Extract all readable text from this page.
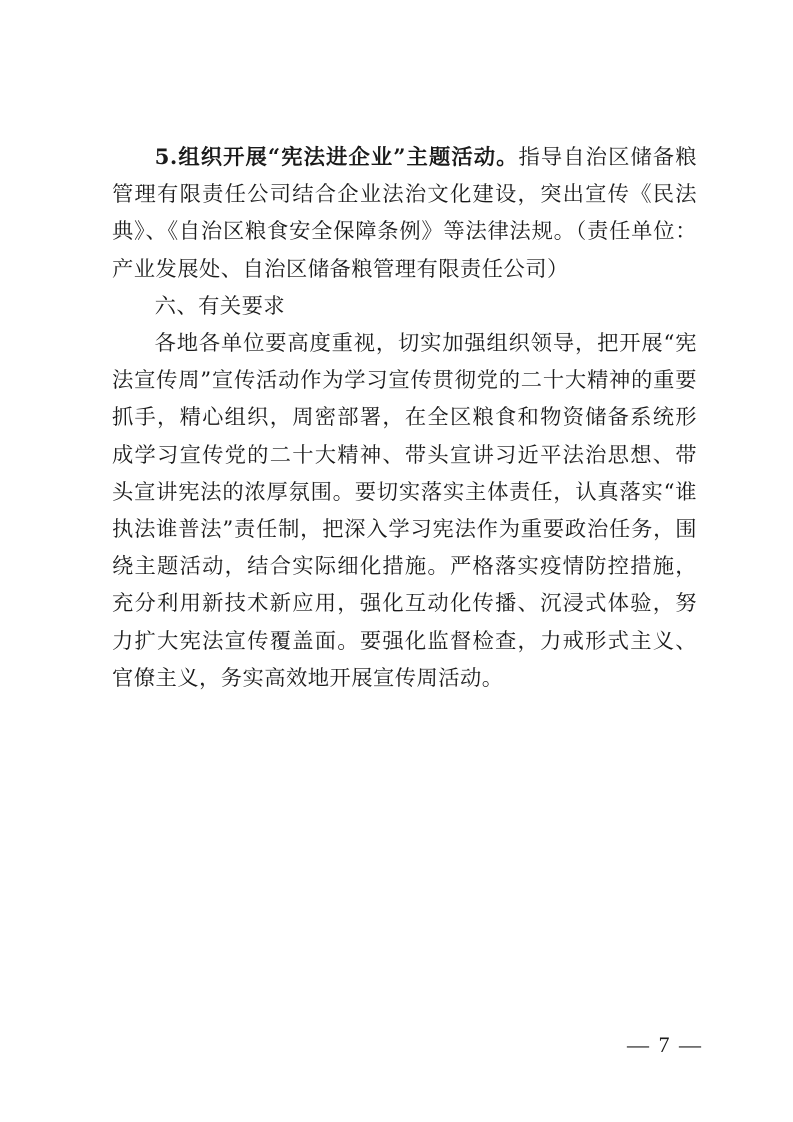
5.组织开展“宪法进企业”主题活动。指导自治区储备粮管理有限责任公司结合企业法治文化建设，突出宣传《民法典》、《自治区粮食安全保障条例》等法律法规。（责任单位：产业发展处、自治区储备粮管理有限责任公司）

六、有关要求

各地各单位要高度重视，切实加强组织领导，把开展“宪法宣传周”宣传活动作为学习宣传贯彻党的二十大精神的重要抓手，精心组织，周密部署，在全区粮食和物资储备系统形成学习宣传党的二十大精神、带头宣讲习近平法治思想、带头宣讲宪法的浓厚氛围。要切实落实主体责任，认真落实“谁执法谁普法”责任制，把深入学习宪法作为重要政治任务，围绕主题活动，结合实际细化措施。严格落实疫情防控措施，充分利用新技术新应用，强化互动化传播、沉浸式体验，努力扩大宪法宣传覆盖面。要强化监督检查，力戒形式主义、官僚主义，务实高效地开展宣传周活动。

— 7 —
